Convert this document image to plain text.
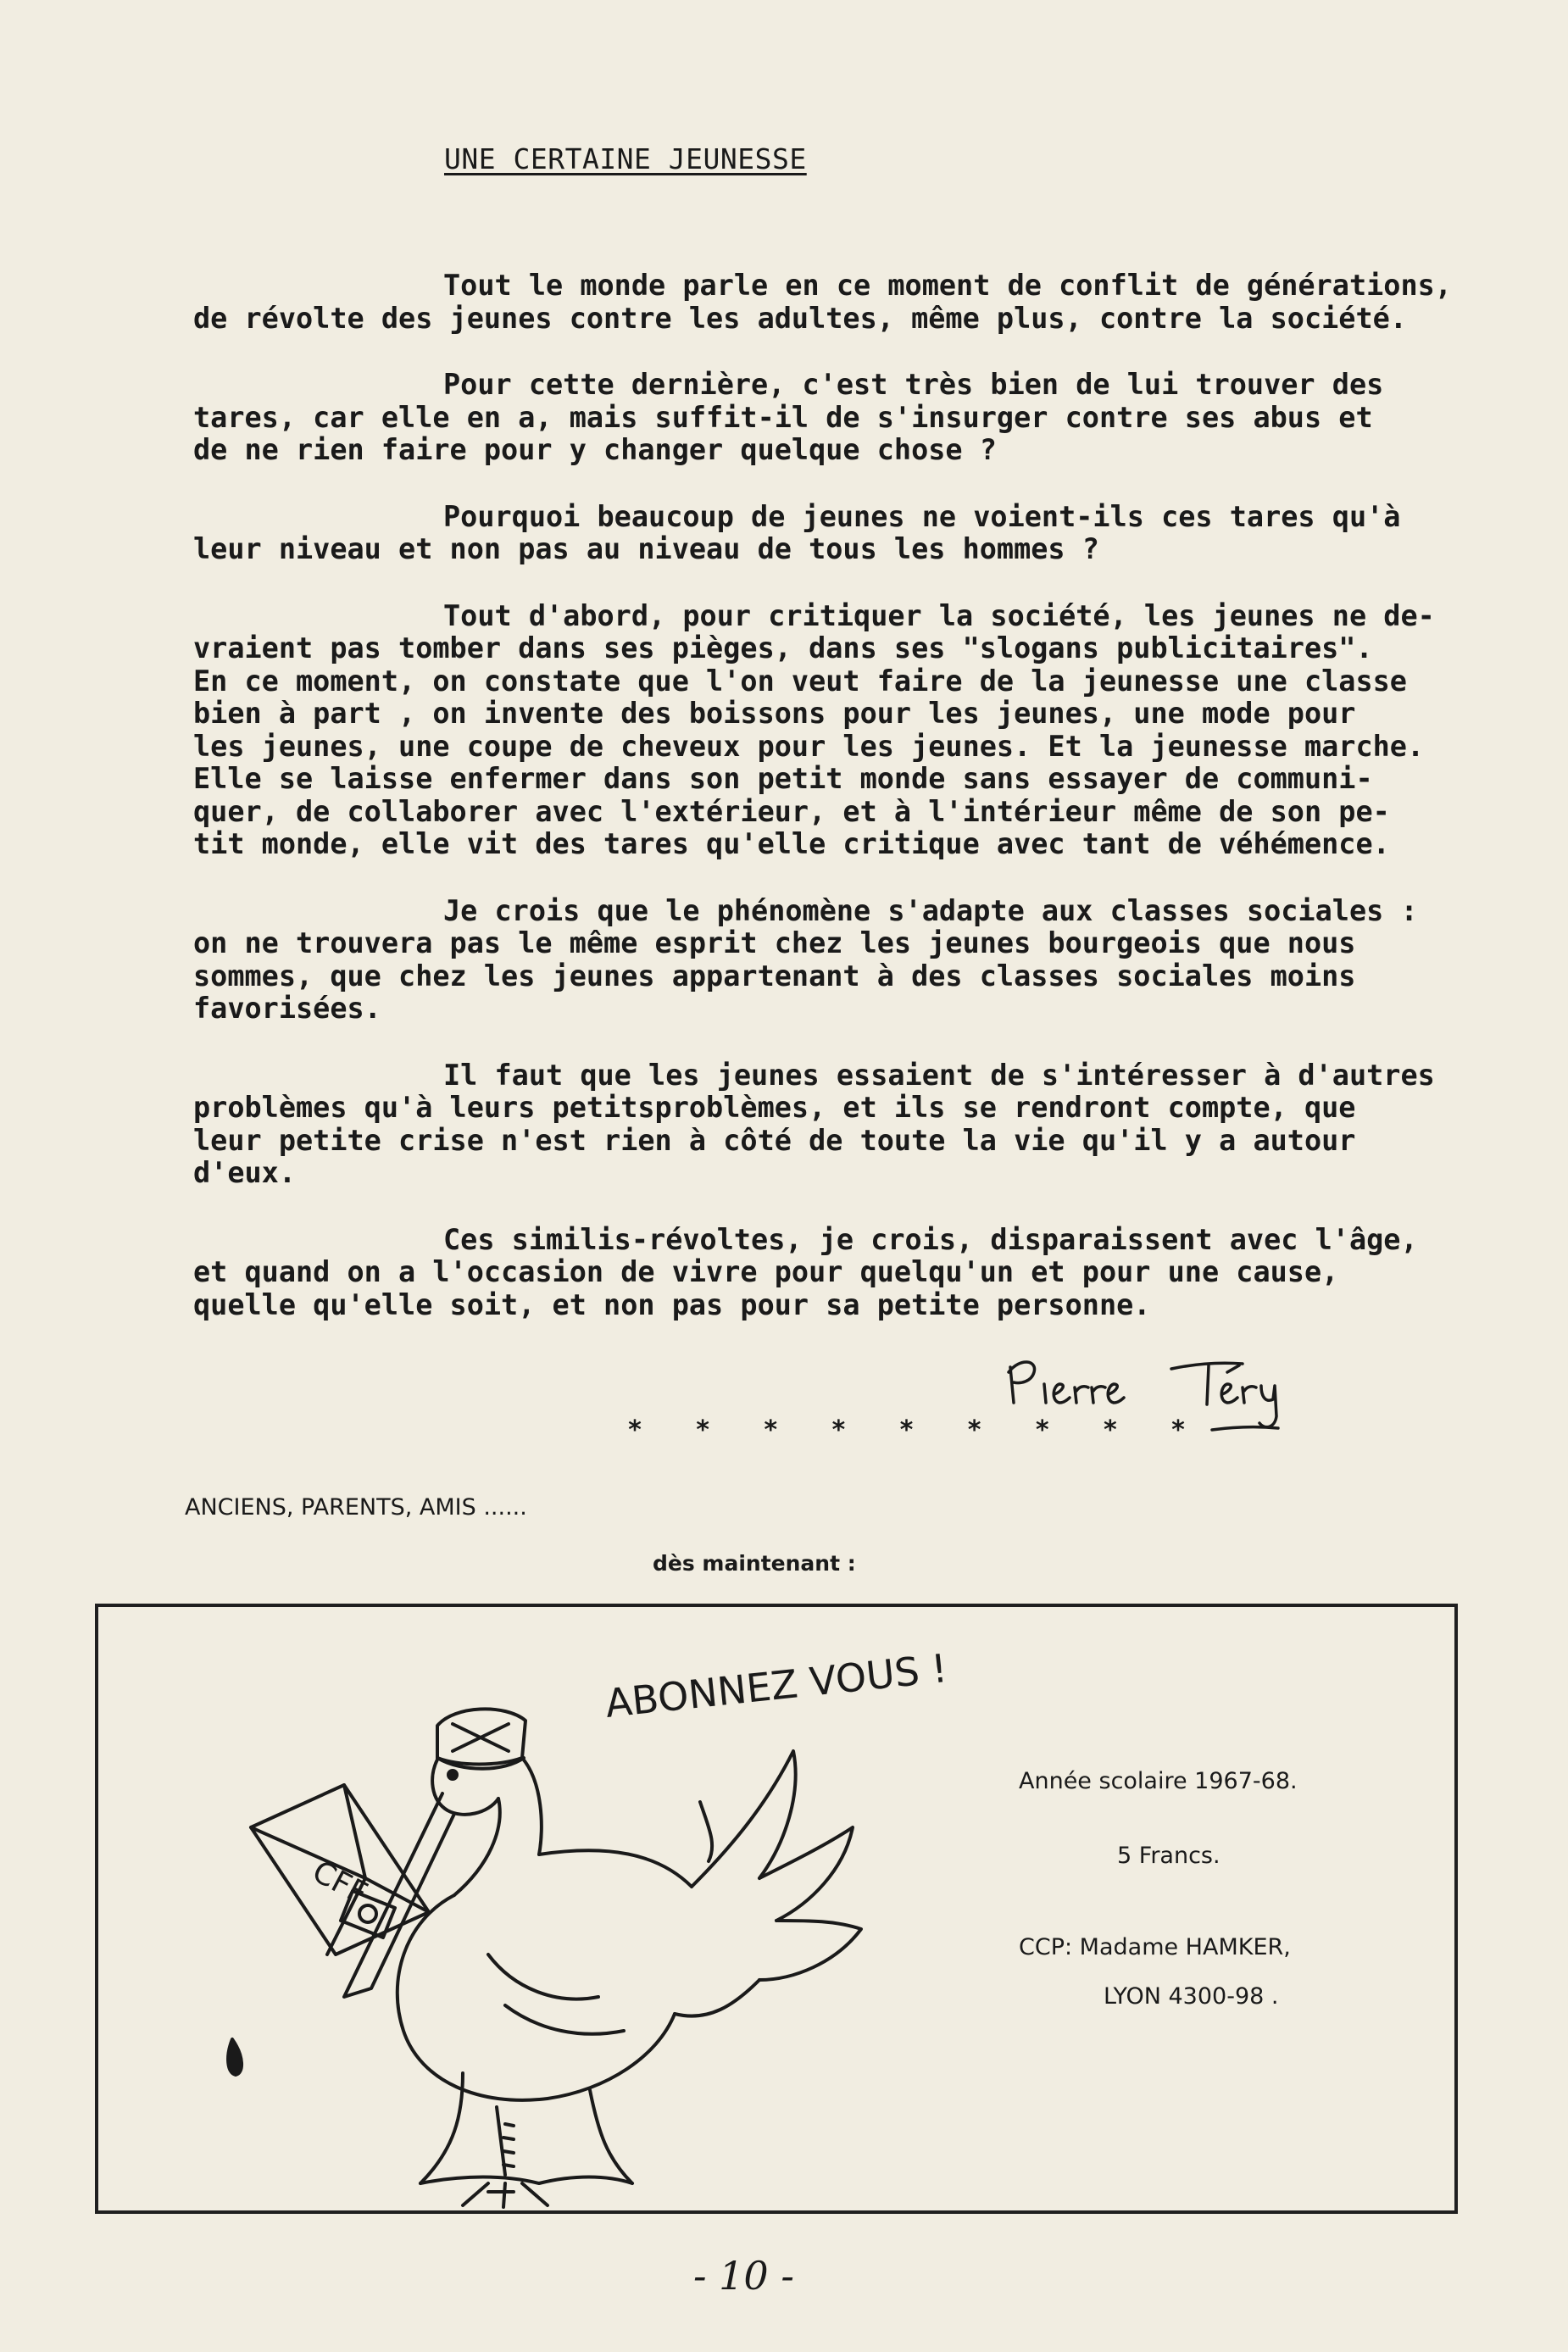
UNE CERTAINE JEUNESSE

Tout le monde parle en ce moment de conflit de générations,
de révolte des jeunes contre les adultes, même plus, contre la société.

Pour cette dernière, c'est très bien de lui trouver des
tares, car elle en a, mais suffit-il de s'insurger contre ses abus et
de ne rien faire pour y changer quelque chose ?

Pourquoi beaucoup de jeunes ne voient-ils ces tares qu'à
leur niveau et non pas au niveau de tous les hommes ?

Tout d'abord, pour critiquer la société, les jeunes ne de-
vraient pas tomber dans ses pièges, dans ses "slogans publicitaires".
En ce moment, on constate que l'on veut faire de la jeunesse une classe
bien à part , on invente des boissons pour les jeunes, une mode pour
les jeunes, une coupe de cheveux pour les jeunes. Et la jeunesse marche.
Elle se laisse enfermer dans son petit monde sans essayer de communi-
quer, de collaborer avec l'extérieur, et à l'intérieur même de son pe-
tit monde, elle vit des tares qu'elle critique avec tant de véhémence.

Je crois que le phénomène s'adapte aux classes sociales :
on ne trouvera pas le même esprit chez les jeunes bourgeois que nous
sommes, que chez les jeunes appartenant à des classes sociales moins
favorisées.

Il faut que les jeunes essaient de s'intéresser à d'autres
problèmes qu'à leurs petitsproblèmes, et ils se rendront compte, que
leur petite crise n'est rien à côté de toute la vie qu'il y a autour
d'eux.

Ces similis-révoltes, je crois, disparaissent avec l'âge,
et quand on a l'occasion de vivre pour quelqu'un et pour une cause,
quelle qu'elle soit, et non pas pour sa petite personne.

* * * * * * * * *
ANCIENS, PARENTS, AMIS ......
dès maintenant :
ABONNEZ VOUS !
CFF
Année scolaire 1967-68.
5 Francs.
CCP: Madame HAMKER,
LYON 4300-98 .
- 10 -
